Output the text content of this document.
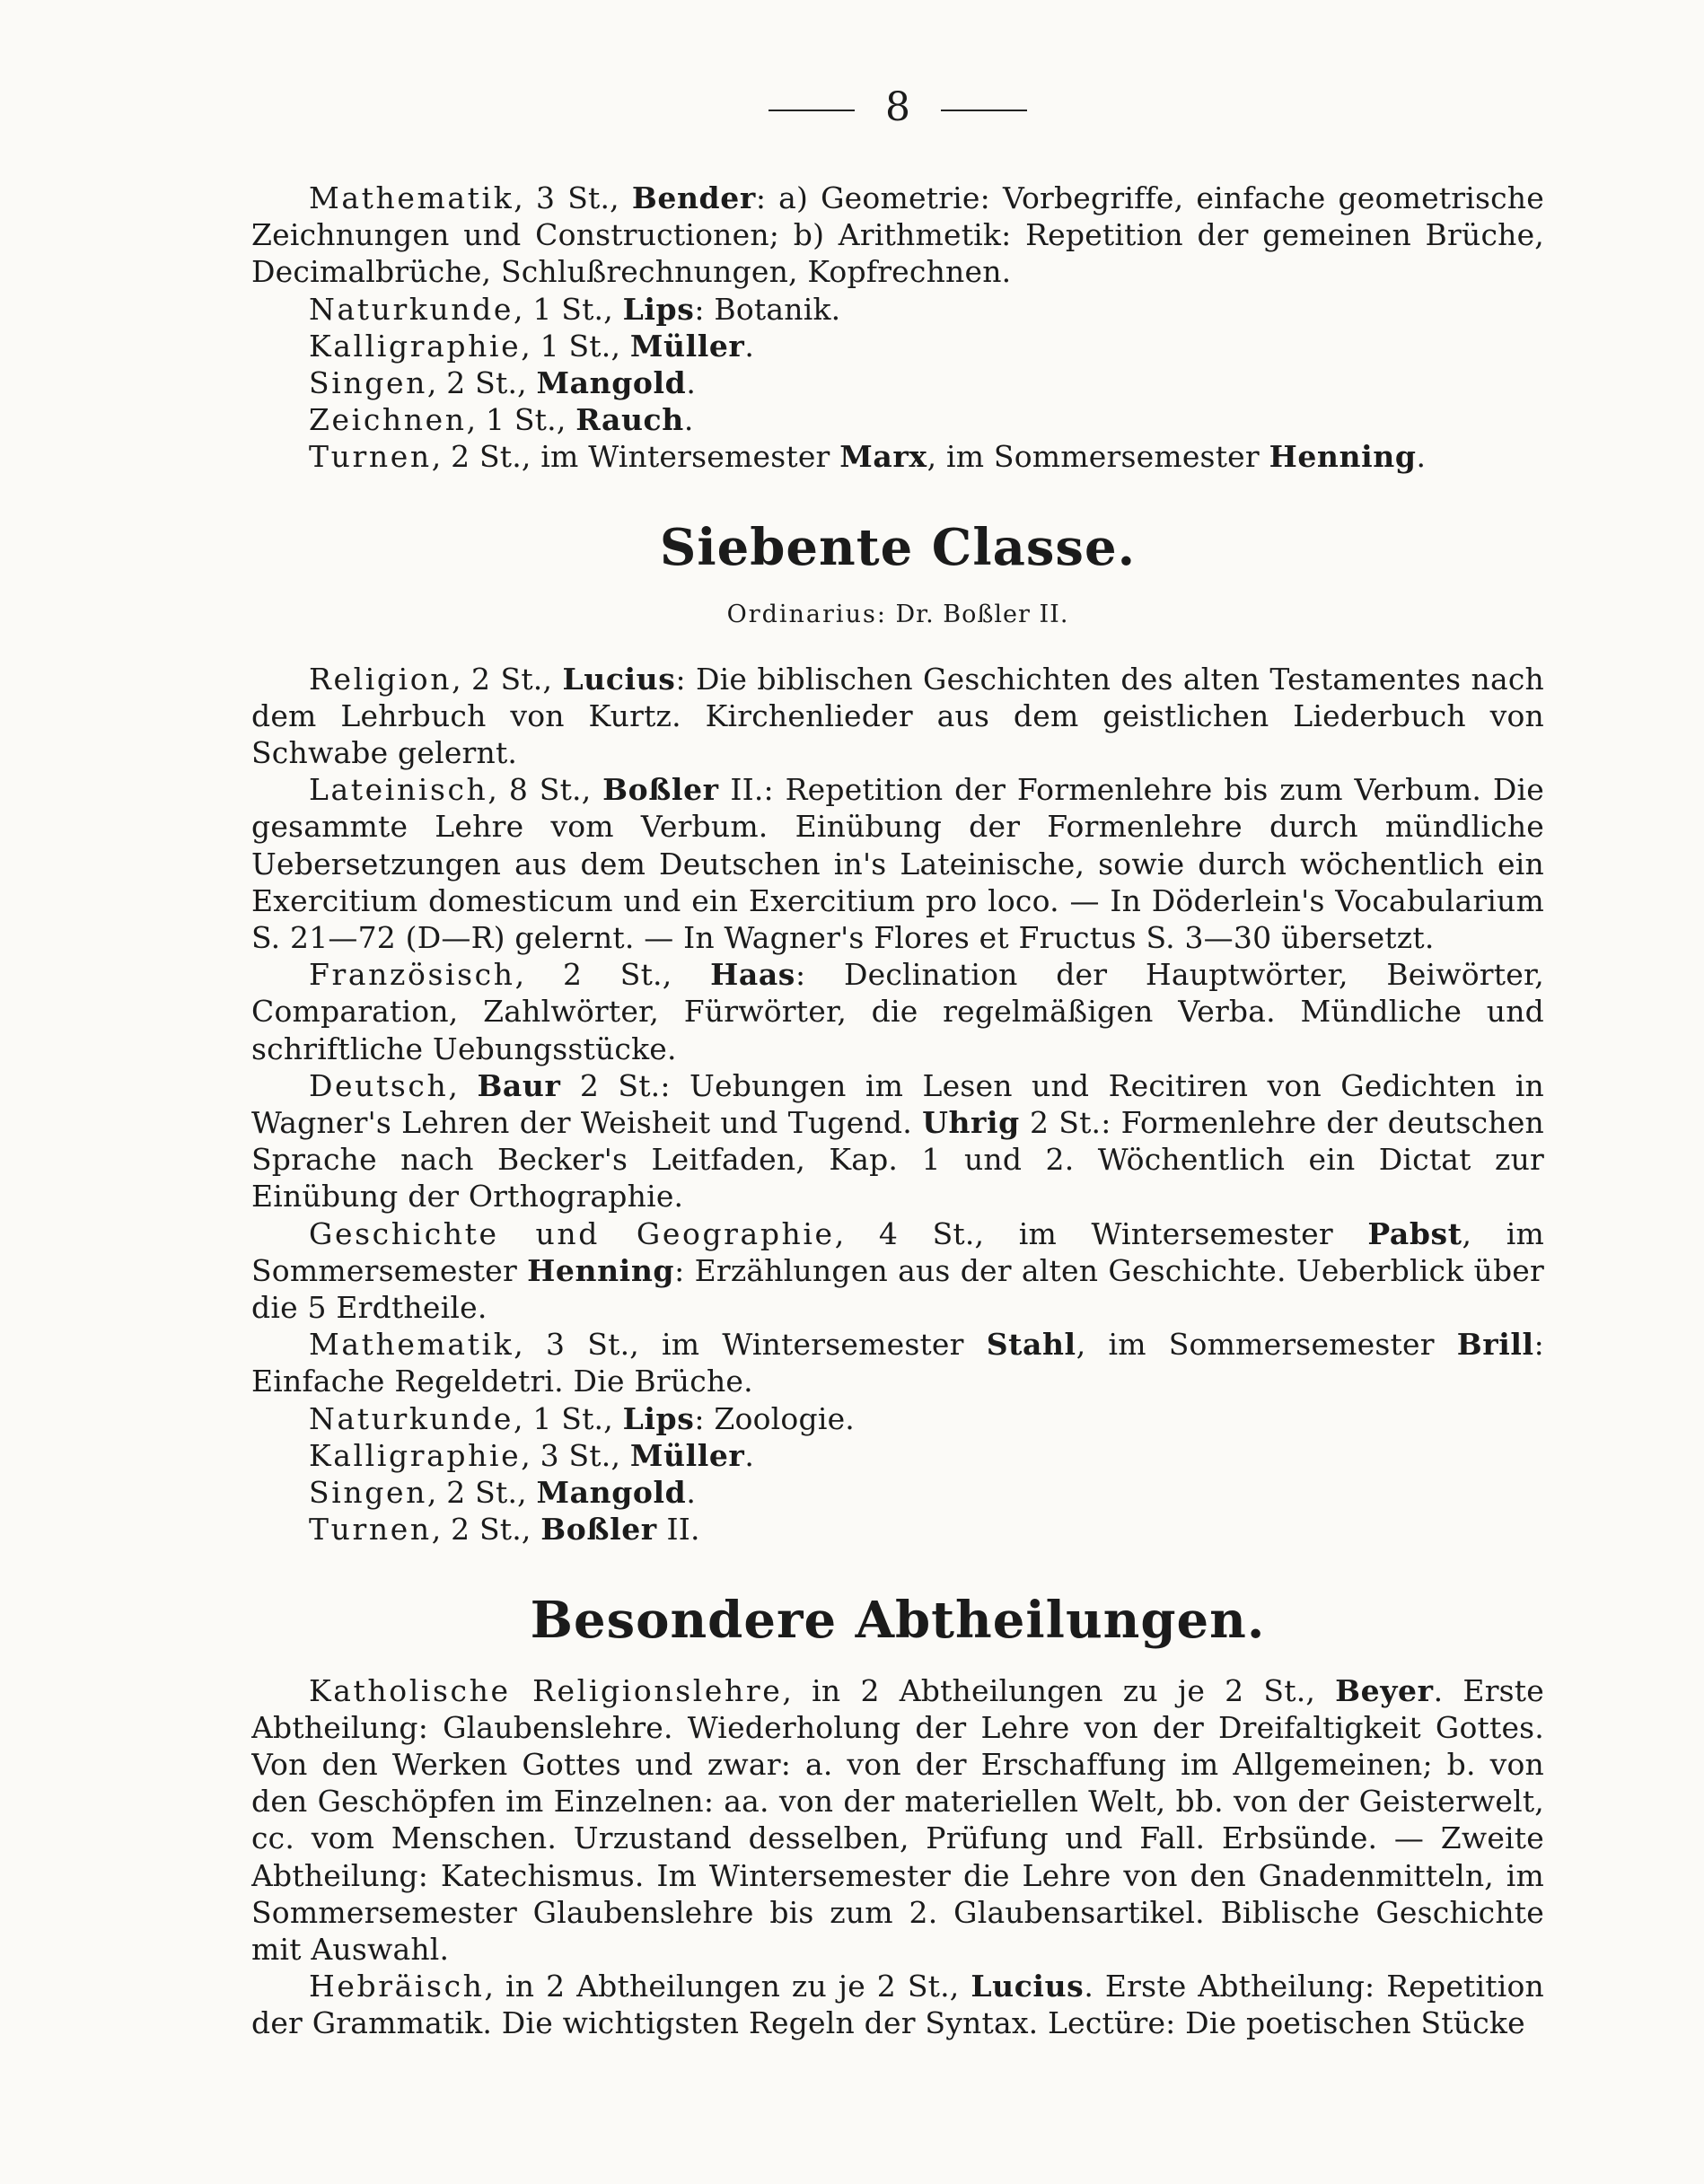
8

Mathematik, 3 St., Bender: a) Geometrie: Vorbegriffe, einfache geometrische Zeichnungen und Constructionen; b) Arithmetik: Repetition der gemeinen Brüche, Decimalbrüche, Schlußrechnungen, Kopfrechnen.

Naturkunde, 1 St., Lips: Botanik.

Kalligraphie, 1 St., Müller.

Singen, 2 St., Mangold.

Zeichnen, 1 St., Rauch.

Turnen, 2 St., im Wintersemester Marx, im Sommersemester Henning.

Siebente Classe.
Ordinarius: Dr. Boßler II.

Religion, 2 St., Lucius: Die biblischen Geschichten des alten Testamentes nach dem Lehrbuch von Kurtz. Kirchenlieder aus dem geistlichen Liederbuch von Schwabe gelernt.

Lateinisch, 8 St., Boßler II.: Repetition der Formenlehre bis zum Verbum. Die gesammte Lehre vom Verbum. Einübung der Formenlehre durch mündliche Uebersetzungen aus dem Deutschen in's Lateinische, sowie durch wöchentlich ein Exercitium domesticum und ein Exercitium pro loco. — In Döderlein's Vocabularium S. 21—72 (D—R) gelernt. — In Wagner's Flores et Fructus S. 3—30 übersetzt.

Französisch, 2 St., Haas: Declination der Hauptwörter, Beiwörter, Comparation, Zahlwörter, Fürwörter, die regelmäßigen Verba. Mündliche und schriftliche Uebungsstücke.

Deutsch, Baur 2 St.: Uebungen im Lesen und Recitiren von Gedichten in Wagner's Lehren der Weisheit und Tugend. Uhrig 2 St.: Formenlehre der deutschen Sprache nach Becker's Leitfaden, Kap. 1 und 2. Wöchentlich ein Dictat zur Einübung der Orthographie.

Geschichte und Geographie, 4 St., im Wintersemester Pabst, im Sommersemester Henning: Erzählungen aus der alten Geschichte. Ueberblick über die 5 Erdtheile.

Mathematik, 3 St., im Wintersemester Stahl, im Sommersemester Brill: Einfache Regeldetri. Die Brüche.

Naturkunde, 1 St., Lips: Zoologie.

Kalligraphie, 3 St., Müller.

Singen, 2 St., Mangold.

Turnen, 2 St., Boßler II.

Besondere Abtheilungen.

Katholische Religionslehre, in 2 Abtheilungen zu je 2 St., Beyer. Erste Abtheilung: Glaubenslehre. Wiederholung der Lehre von der Dreifaltigkeit Gottes. Von den Werken Gottes und zwar: a. von der Erschaffung im Allgemeinen; b. von den Geschöpfen im Einzelnen: aa. von der materiellen Welt, bb. von der Geisterwelt, cc. vom Menschen. Urzustand desselben, Prüfung und Fall. Erbsünde. — Zweite Abtheilung: Katechismus. Im Wintersemester die Lehre von den Gnadenmitteln, im Sommersemester Glaubenslehre bis zum 2. Glaubensartikel. Biblische Geschichte mit Auswahl.

Hebräisch, in 2 Abtheilungen zu je 2 St., Lucius. Erste Abtheilung: Repetition der Grammatik. Die wichtigsten Regeln der Syntax. Lectüre: Die poetischen Stücke
